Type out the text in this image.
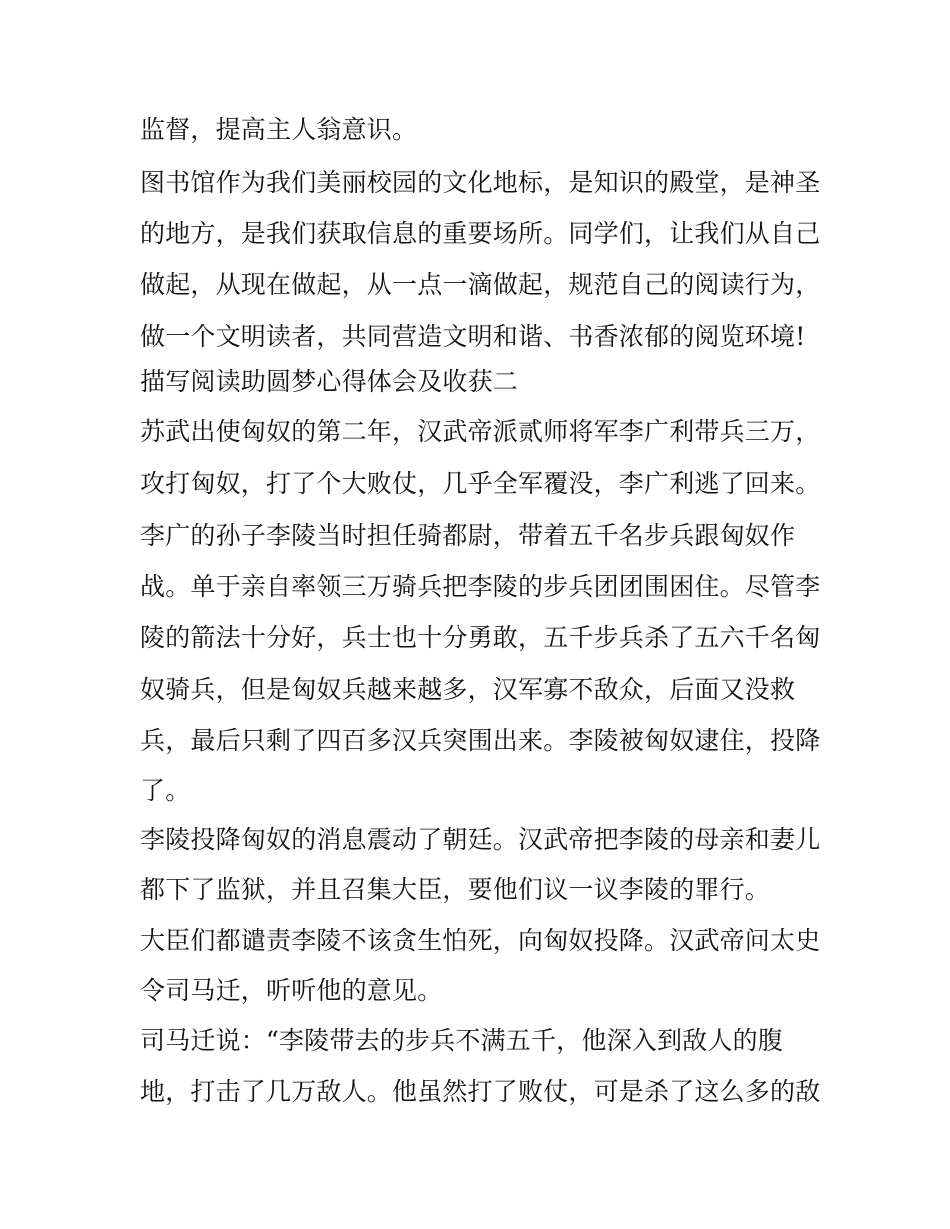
监督，提高主人翁意识。
图书馆作为我们美丽校园的文化地标，是知识的殿堂，是神圣
的地方，是我们获取信息的重要场所。同学们，让我们从自己
做起，从现在做起，从一点一滴做起，规范自己的阅读行为，
做一个文明读者，共同营造文明和谐、书香浓郁的阅览环境!
描写阅读助圆梦心得体会及收获二
苏武出使匈奴的第二年，汉武帝派贰师将军李广利带兵三万，
攻打匈奴，打了个大败仗，几乎全军覆没，李广利逃了回来。
李广的孙子李陵当时担任骑都尉，带着五千名步兵跟匈奴作
战。单于亲自率领三万骑兵把李陵的步兵团团围困住。尽管李
陵的箭法十分好，兵士也十分勇敢，五千步兵杀了五六千名匈
奴骑兵，但是匈奴兵越来越多，汉军寡不敌众，后面又没救
兵，最后只剩了四百多汉兵突围出来。李陵被匈奴逮住，投降
了。
李陵投降匈奴的消息震动了朝廷。汉武帝把李陵的母亲和妻儿
都下了监狱，并且召集大臣，要他们议一议李陵的罪行。
大臣们都谴责李陵不该贪生怕死，向匈奴投降。汉武帝问太史
令司马迁，听听他的意见。
司马迁说：“李陵带去的步兵不满五千，他深入到敌人的腹
地，打击了几万敌人。他虽然打了败仗，可是杀了这么多的敌
